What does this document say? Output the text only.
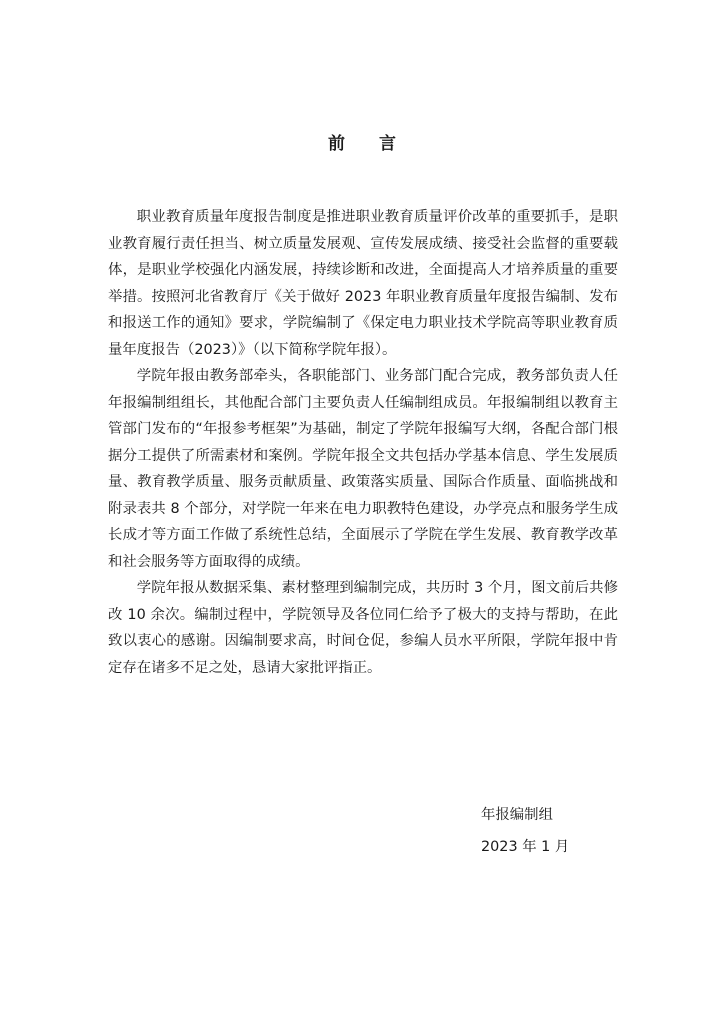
前 言

职业教育质量年度报告制度是推进职业教育质量评价改革的重要抓手，是职业教育履行责任担当、树立质量发展观、宣传发展成绩、接受社会监督的重要载体，是职业学校强化内涵发展，持续诊断和改进，全面提高人才培养质量的重要举措。按照河北省教育厅《关于做好 2023 年职业教育质量年度报告编制、发布和报送工作的通知》要求，学院编制了《保定电力职业技术学院高等职业教育质量年度报告（2023）》（以下简称学院年报）。

学院年报由教务部牵头，各职能部门、业务部门配合完成，教务部负责人任年报编制组组长，其他配合部门主要负责人任编制组成员。年报编制组以教育主管部门发布的“年报参考框架”为基础，制定了学院年报编写大纲，各配合部门根据分工提供了所需素材和案例。学院年报全文共包括办学基本信息、学生发展质量、教育教学质量、服务贡献质量、政策落实质量、国际合作质量、面临挑战和附录表共 8 个部分，对学院一年来在电力职教特色建设，办学亮点和服务学生成长成才等方面工作做了系统性总结，全面展示了学院在学生发展、教育教学改革和社会服务等方面取得的成绩。

学院年报从数据采集、素材整理到编制完成，共历时 3 个月，图文前后共修改 10 余次。编制过程中，学院领导及各位同仁给予了极大的支持与帮助，在此致以衷心的感谢。因编制要求高，时间仓促，参编人员水平所限，学院年报中肯定存在诸多不足之处，恳请大家批评指正。

年报编制组
2023 年 1 月
